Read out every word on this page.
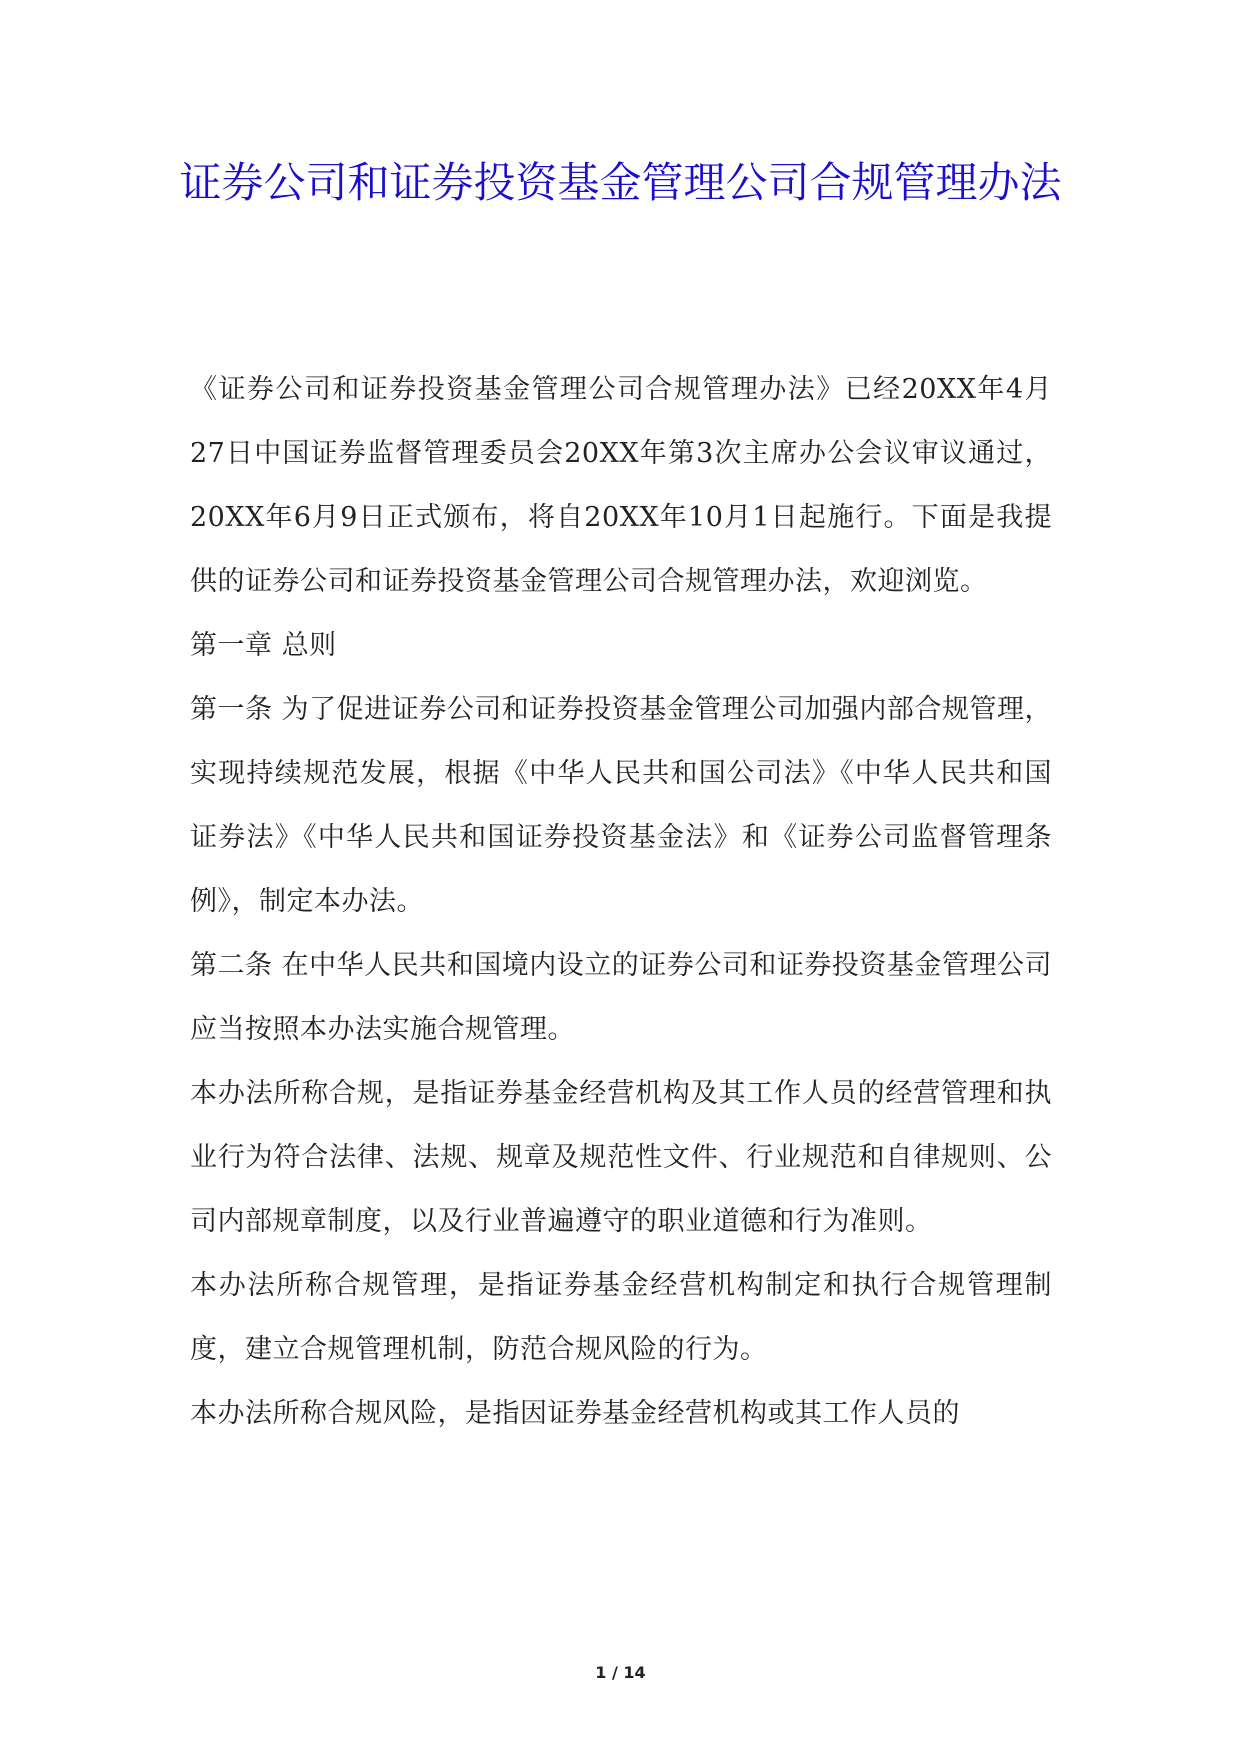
证券公司和证券投资基金管理公司合规管理办法

《证券公司和证券投资基金管理公司合规管理办法》已经20XX年4月27日中国证券监督管理委员会20XX年第3次主席办公会议审议通过，20XX年6月9日正式颁布，将自20XX年10月1日起施行。下面是我提供的证券公司和证券投资基金管理公司合规管理办法，欢迎浏览。

第一章 总则

第一条 为了促进证券公司和证券投资基金管理公司加强内部合规管理，实现持续规范发展，根据《中华人民共和国公司法》《中华人民共和国证券法》《中华人民共和国证券投资基金法》和《证券公司监督管理条例》，制定本办法。

第二条 在中华人民共和国境内设立的证券公司和证券投资基金管理公司应当按照本办法实施合规管理。

本办法所称合规，是指证券基金经营机构及其工作人员的经营管理和执业行为符合法律、法规、规章及规范性文件、行业规范和自律规则、公司内部规章制度，以及行业普遍遵守的职业道德和行为准则。

本办法所称合规管理，是指证券基金经营机构制定和执行合规管理制度，建立合规管理机制，防范合规风险的行为。

本办法所称合规风险，是指因证券基金经营机构或其工作人员的

1 / 14
